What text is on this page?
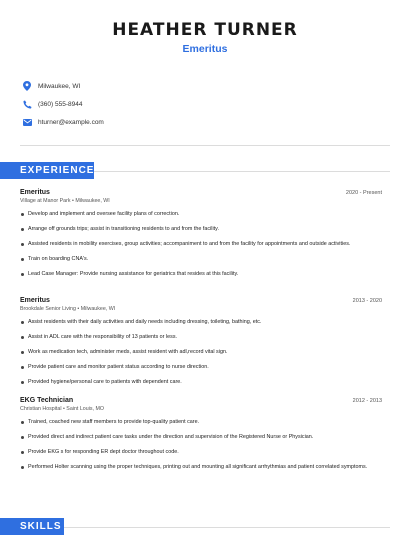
HEATHER TURNER
Emeritus
Milwaukee, WI
(360) 555-8944
hturner@example.com
EXPERIENCE
Emeritus	2020 - Present
Village at Manor Park • Milwaukee, WI
Develop and implement and oversee facility plans of correction.
Arrange off grounds trips; assist in transitioning residents to and from the facility.
Assisted residents in mobility exercises, group activities; accompaniment to and from the facility for appointments and outside activities.
Train on boarding CNA's.
Lead Case Manager: Provide nursing assistance for geriatrics that resides at this facility.
Emeritus	2013 - 2020
Brookdale Senior Living • Milwaukee, WI
Assist residents with their daily activities and daily needs including dressing, toileting, bathing, etc.
Assist in ADL care with the responsibility of 13 patients or less.
Work as medication tech, administer meds, assist resident with adl,record vital sign.
Provide patient care and monitor patient status according to nurse direction.
Provided hygiene/personal care to patients with dependent care.
EKG Technician	2012 - 2013
Christian Hospital • Saint Louis, MO
Trained, coached new staff members to provide top-quality patient care.
Provided direct and indirect patient care tasks under the direction and supervision of the Registered Nurse or Physician.
Provide EKG s for responding ER dept doctor throughout code.
Performed Holter scanning using the proper techniques, printing out and mounting all significant arrhythmias and patient correlated symptoms.
SKILLS
